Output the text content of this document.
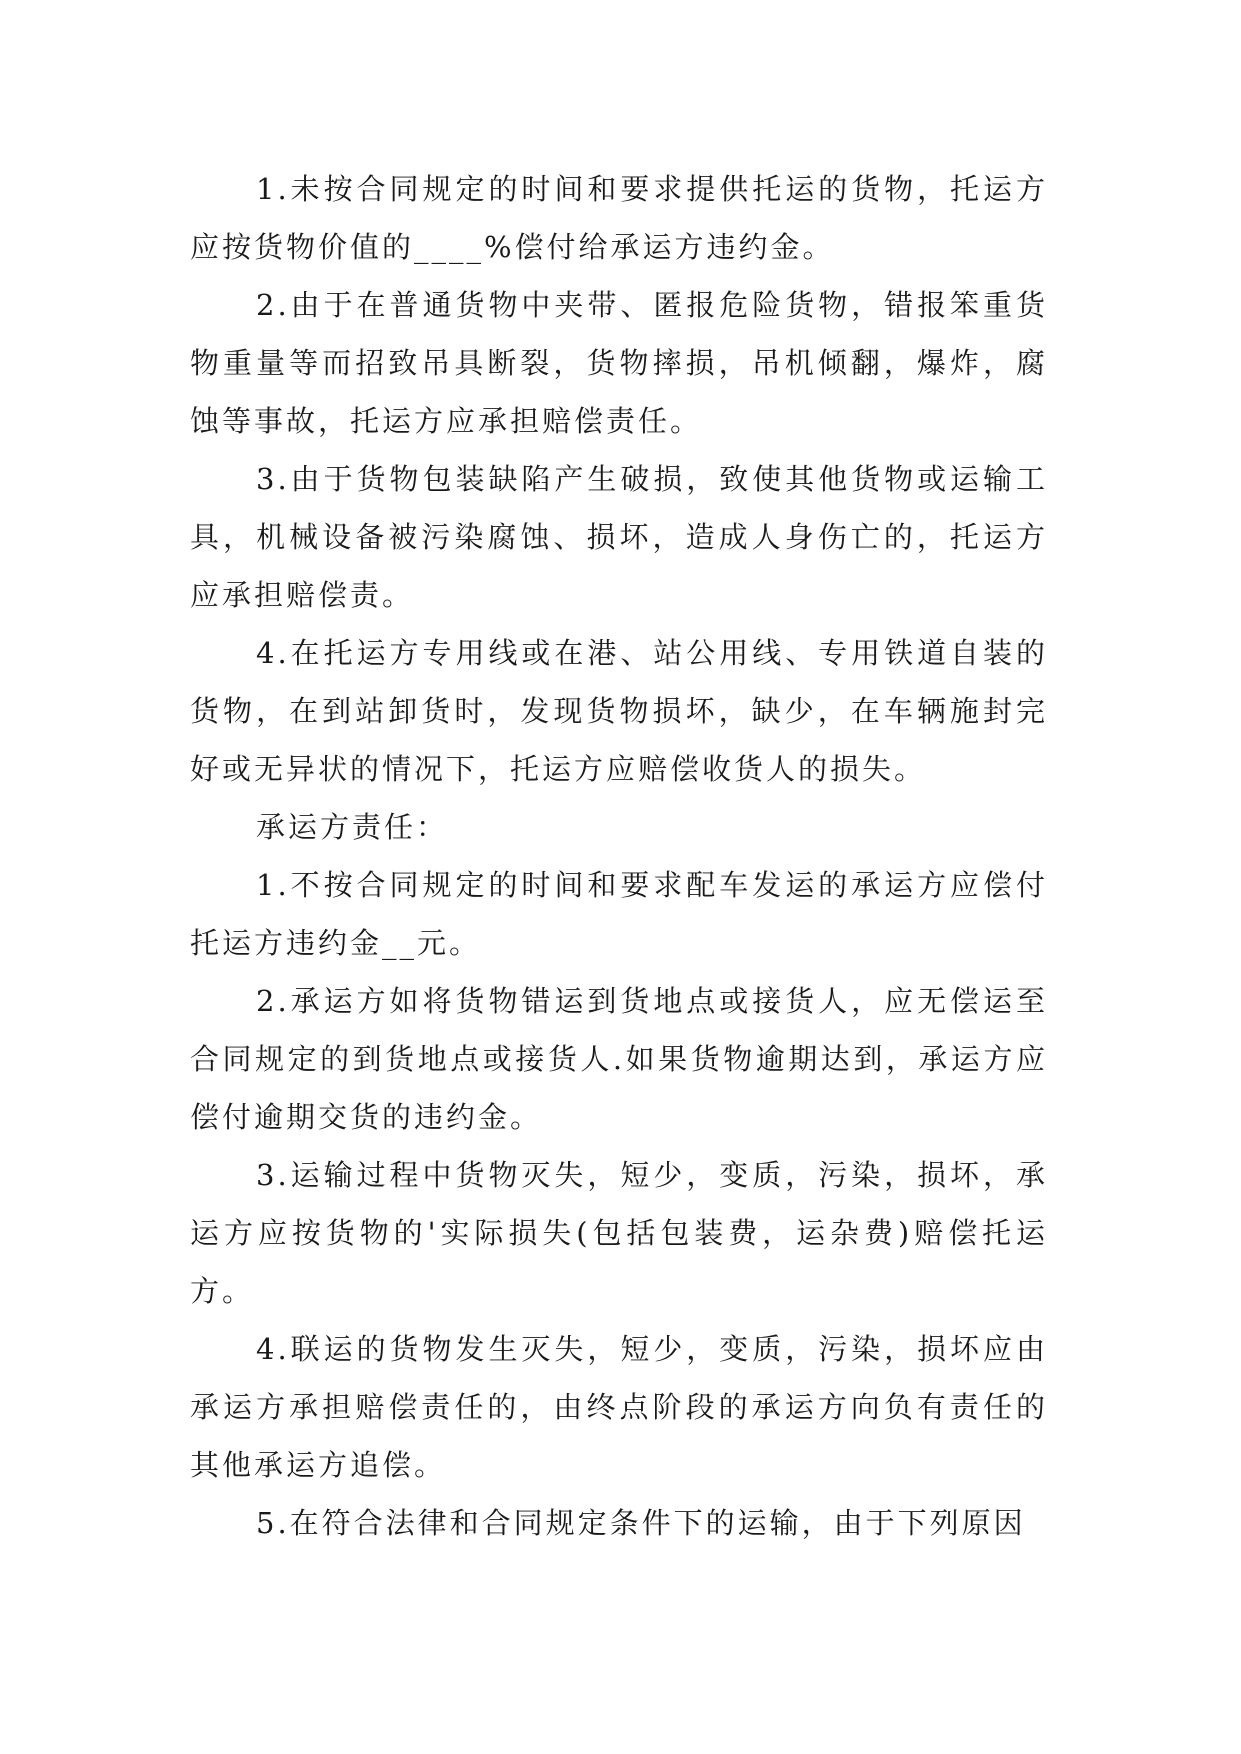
1.未按合同规定的时间和要求提供托运的货物，托运方应按货物价值的____%偿付给承运方违约金。

2.由于在普通货物中夹带、匿报危险货物，错报笨重货物重量等而招致吊具断裂，货物摔损，吊机倾翻，爆炸，腐蚀等事故，托运方应承担赔偿责任。

3.由于货物包装缺陷产生破损，致使其他货物或运输工具，机械设备被污染腐蚀、损坏，造成人身伤亡的，托运方应承担赔偿责。

4.在托运方专用线或在港、站公用线、专用铁道自装的货物，在到站卸货时，发现货物损坏，缺少，在车辆施封完好或无异状的情况下，托运方应赔偿收货人的损失。

承运方责任：

1.不按合同规定的时间和要求配车发运的承运方应偿付托运方违约金__元。

2.承运方如将货物错运到货地点或接货人，应无偿运至合同规定的到货地点或接货人.如果货物逾期达到，承运方应偿付逾期交货的违约金。

3.运输过程中货物灭失，短少，变质，污染，损坏，承运方应按货物的'实际损失(包括包装费，运杂费)赔偿托运方。

4.联运的货物发生灭失，短少，变质，污染，损坏应由承运方承担赔偿责任的，由终点阶段的承运方向负有责任的其他承运方追偿。

5.在符合法律和合同规定条件下的运输，由于下列原因
